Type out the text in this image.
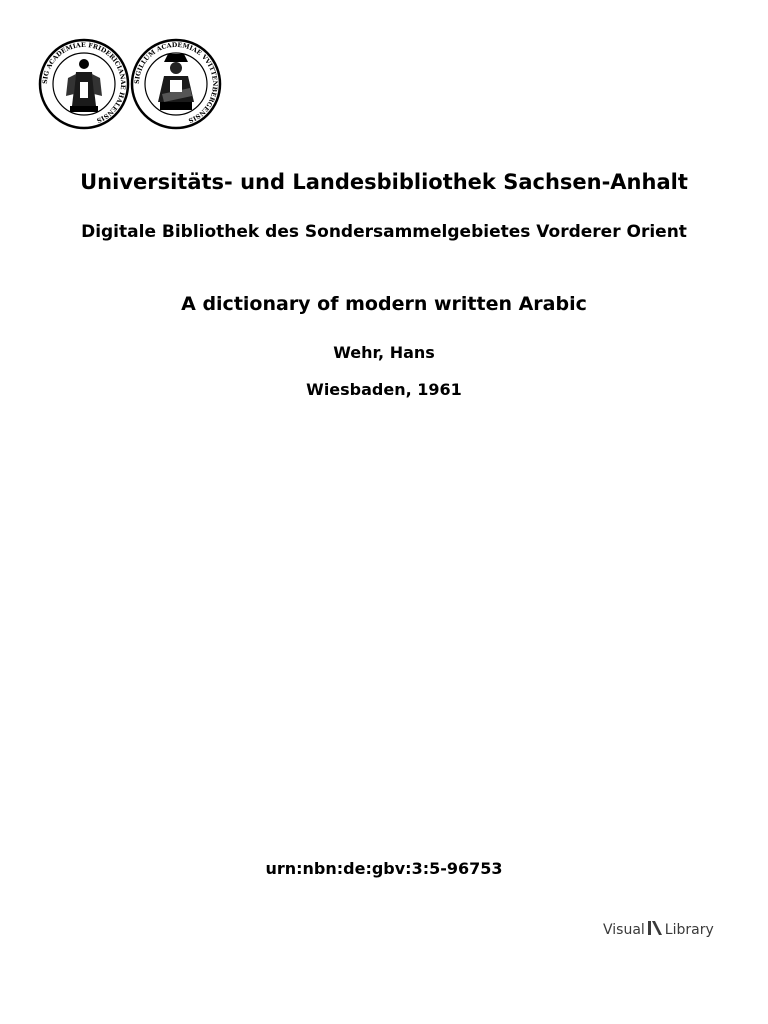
SIG ACADEMIAE FRIDERICIANAE HALENSIS
SIGILLUM ACADEMIAE VVITTENBERGENSIS
Universitäts- und Landesbibliothek Sachsen-Anhalt
Digitale Bibliothek des Sondersammelgebietes Vorderer Orient
A dictionary of modern written Arabic
Wehr, Hans
Wiesbaden, 1961
urn:nbn:de:gbv:3:5-96753
Visual Library
